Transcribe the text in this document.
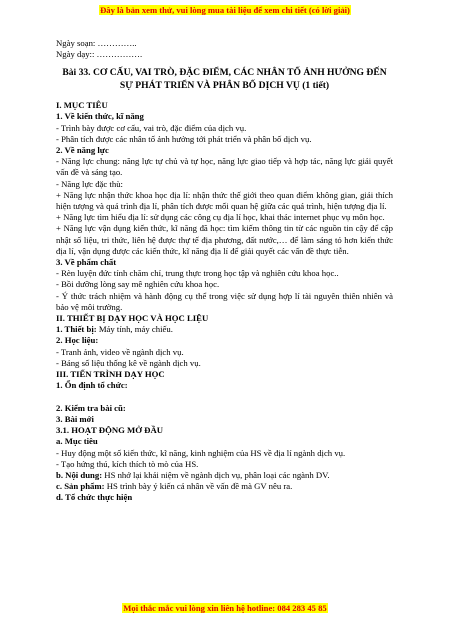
Đây là bản xem thử, vui lòng mua tài liệu để xem chi tiết (có lời giải)
Ngày soạn: …………..
Ngày dạy:: …………….
Bài 33. CƠ CẤU, VAI TRÒ, ĐẶC ĐIỂM, CÁC NHÂN TỐ ẢNH HƯỞNG ĐẾN SỰ PHÁT TRIỂN VÀ PHÂN BỐ DỊCH VỤ (1 tiết)
I. MỤC TIÊU
1. Về kiến thức, kĩ năng
- Trình bày được cơ cấu, vai trò, đặc điểm của dịch vụ.
- Phân tích được các nhân tố ảnh hưởng tới phát triển và phân bố dịch vụ.
2. Về năng lực
- Năng lực chung: năng lực tự chủ và tự học, năng lực giao tiếp và hợp tác, năng lực giải quyết vấn đề và sáng tạo.
- Năng lực đặc thù:
+ Năng lực nhận thức khoa học địa lí: nhận thức thế giới theo quan điểm không gian, giải thích hiện tượng và quá trình địa lí, phân tích được mối quan hệ giữa các quá trình, hiện tượng địa lí.
+ Năng lực tìm hiểu địa lí: sử dụng các công cụ địa lí học, khai thác internet phục vụ môn học.
+ Năng lực vận dụng kiến thức, kĩ năng đã học: tìm kiếm thông tin từ các nguồn tin cậy để cập nhật số liệu, tri thức, liên hệ được thự tế địa phương, đất nước,… để làm sáng tỏ hơn kiến thức địa lí, vận dụng được các kiến thức, kĩ năng địa lí để giải quyết các vấn đề thực tiễn.
3. Về phẩm chất
- Rèn luyện đức tính chăm chỉ, trung thực trong học tập và nghiên cứu khoa học..
- Bồi dưỡng lòng say mê nghiên cứu khoa học.
- Ý thức trách nhiệm và hành động cụ thể trong việc sử dụng hợp lí tài nguyên thiên nhiên và bảo vệ môi trường.
II. THIẾT BỊ DẠY HỌC VÀ HỌC LIỆU
1. Thiết bị: Máy tính, máy chiếu.
2. Học liệu:
- Tranh ảnh, video về ngành dịch vụ.
- Bảng số liệu thống kê về ngành dịch vụ.
III. TIẾN TRÌNH DẠY HỌC
1. Ổn định tổ chức:
2. Kiểm tra bài cũ:
3. Bài mới
3.1. HOẠT ĐỘNG MỞ ĐẦU
a. Mục tiêu
- Huy động một số kiến thức, kĩ năng, kinh nghiệm của HS về địa lí ngành dịch vụ.
- Tạo hứng thú, kích thích tò mò của HS.
b. Nội dung: HS nhớ lại khái niệm về ngành dịch vụ, phân loại các ngành DV.
c. Sản phẩm: HS trình bày ý kiến cá nhân về vấn đề mà GV nêu ra.
d. Tổ chức thực hiện
Mọi thắc mắc vui lòng xin liên hệ hotline: 084 283 45 85
